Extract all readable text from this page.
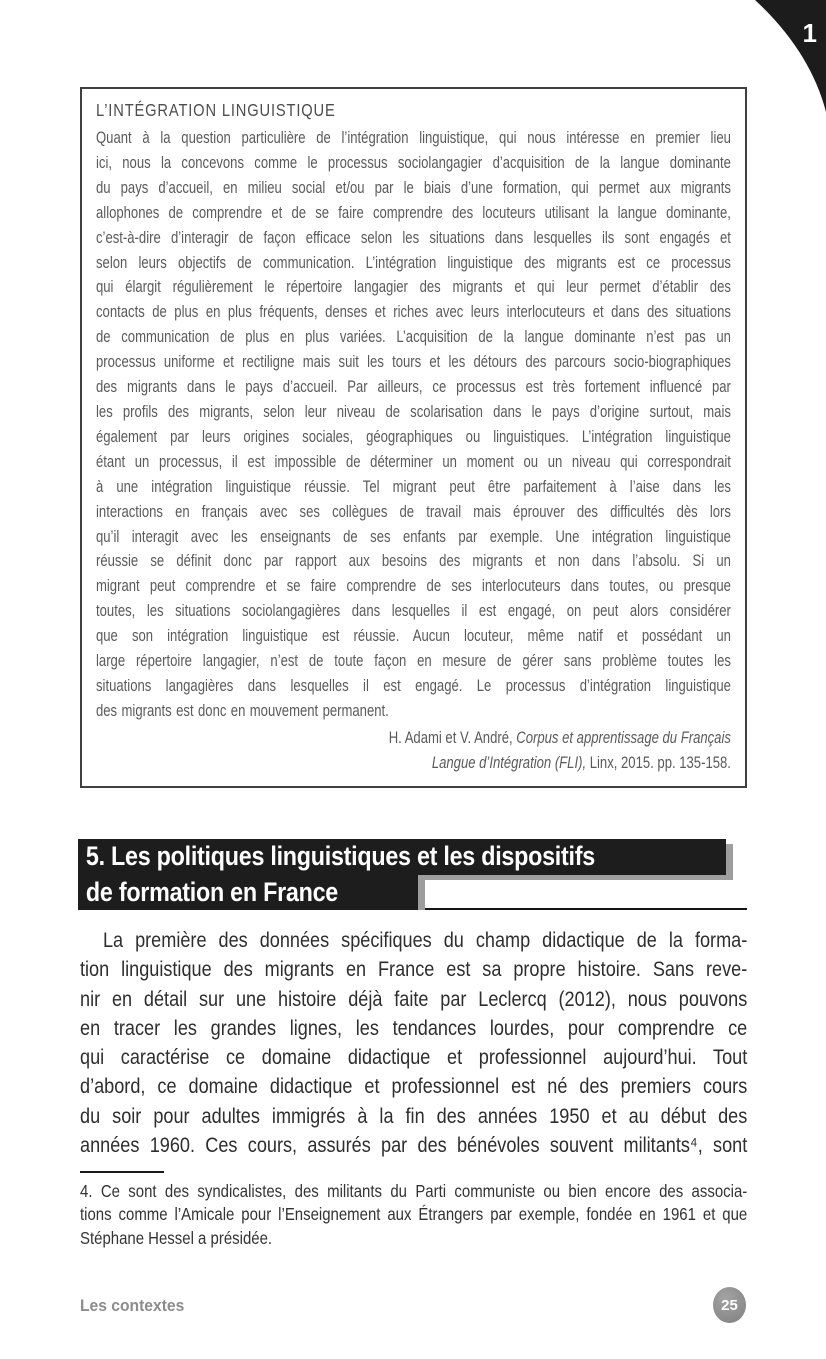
1
L’INTÉGRATION LINGUISTIQUE
Quant à la question particulière de l’intégration linguistique, qui nous intéresse en premier lieu
ici, nous la concevons comme le processus sociolangagier d’acquisition de la langue dominante
du pays d’accueil, en milieu social et/ou par le biais d’une formation, qui permet aux migrants
allophones de comprendre et de se faire comprendre des locuteurs utilisant la langue dominante,
c’est-à-dire d’interagir de façon efficace selon les situations dans lesquelles ils sont engagés et
selon leurs objectifs de communication. L’intégration linguistique des migrants est ce processus
qui élargit régulièrement le répertoire langagier des migrants et qui leur permet d’établir des
contacts de plus en plus fréquents, denses et riches avec leurs interlocuteurs et dans des situations
de communication de plus en plus variées. L’acquisition de la langue dominante n’est pas un
processus uniforme et rectiligne mais suit les tours et les détours des parcours socio-biographiques
des migrants dans le pays d’accueil. Par ailleurs, ce processus est très fortement influencé par
les profils des migrants, selon leur niveau de scolarisation dans le pays d’origine surtout, mais
également par leurs origines sociales, géographiques ou linguistiques. L’intégration linguistique
étant un processus, il est impossible de déterminer un moment ou un niveau qui correspondrait
à une intégration linguistique réussie. Tel migrant peut être parfaitement à l’aise dans les
interactions en français avec ses collègues de travail mais éprouver des difficultés dès lors
qu’il interagit avec les enseignants de ses enfants par exemple. Une intégration linguistique
réussie se définit donc par rapport aux besoins des migrants et non dans l’absolu. Si un
migrant peut comprendre et se faire comprendre de ses interlocuteurs dans toutes, ou presque
toutes, les situations sociolangagières dans lesquelles il est engagé, on peut alors considérer
que son intégration linguistique est réussie. Aucun locuteur, même natif et possédant un
large répertoire langagier, n’est de toute façon en mesure de gérer sans problème toutes les
situations langagières dans lesquelles il est engagé. Le processus d’intégration linguistique
des migrants est donc en mouvement permanent.
H. Adami et V. André, Corpus et apprentissage du Français
Langue d’Intégration (FLI), Linx, 2015. pp. 135-158.
5. Les politiques linguistiques et les dispositifs
de formation en France
La première des données spécifiques du champ didactique de la forma-
tion linguistique des migrants en France est sa propre histoire. Sans reve-
nir en détail sur une histoire déjà faite par Leclercq (2012), nous pouvons
en tracer les grandes lignes, les tendances lourdes, pour comprendre ce
qui caractérise ce domaine didactique et professionnel aujourd’hui. Tout
d’abord, ce domaine didactique et professionnel est né des premiers cours
du soir pour adultes immigrés à la fin des années 1950 et au début des
années 1960. Ces cours, assurés par des bénévoles souvent militants⁴, sont
4. Ce sont des syndicalistes, des militants du Parti communiste ou bien encore des associa-
tions comme l’Amicale pour l’Enseignement aux Étrangers par exemple, fondée en 1961 et que
Stéphane Hessel a présidée.
Les contextes	25
